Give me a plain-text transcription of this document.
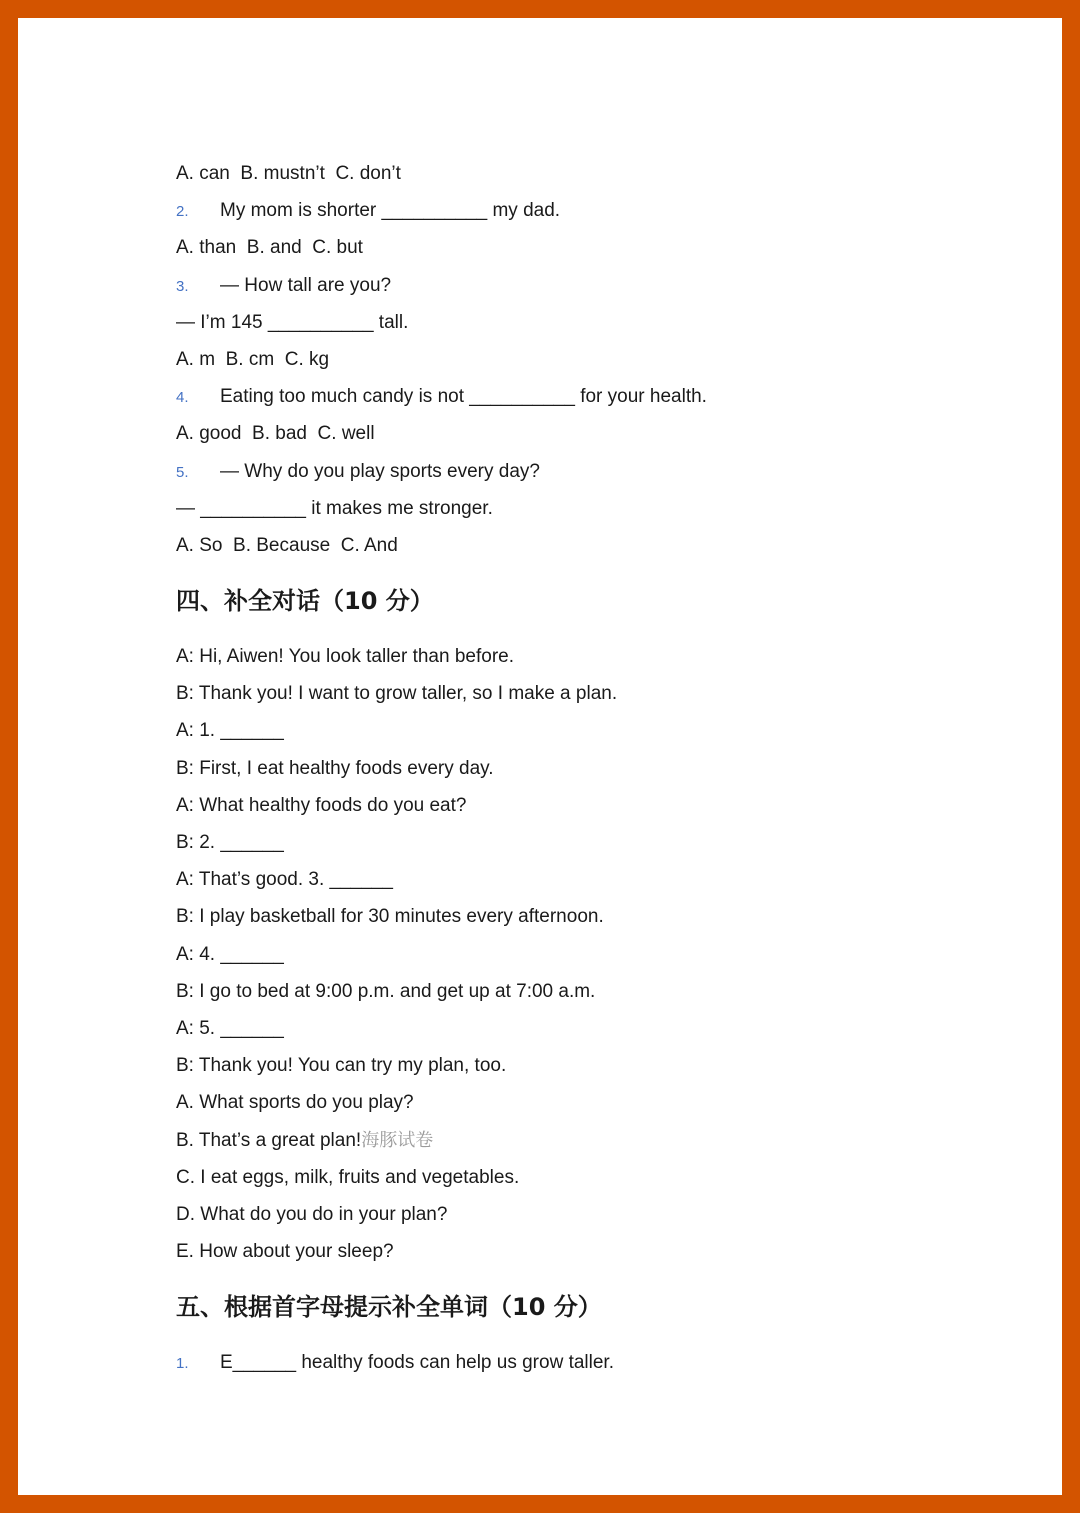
A. can  B. mustn’t  C. don’t
2. My mom is shorter __________ my dad.
A. than  B. and  C. but
3. — How tall are you?
— I’m 145 __________ tall.
A. m  B. cm  C. kg
4. Eating too much candy is not __________ for your health.
A. good  B. bad  C. well
5. — Why do you play sports every day?
— __________ it makes me stronger.
A. So  B. Because  C. And
四、补全对话（10 分）
A: Hi, Aiwen! You look taller than before.
B: Thank you! I want to grow taller, so I make a plan.
A: 1. ______
B: First, I eat healthy foods every day.
A: What healthy foods do you eat?
B: 2. ______
A: That’s good. 3. ______
B: I play basketball for 30 minutes every afternoon.
A: 4. ______
B: I go to bed at 9:00 p.m. and get up at 7:00 a.m.
A: 5. ______
B: Thank you! You can try my plan, too.
A. What sports do you play?
B. That’s a great plan!海豚试卷
C. I eat eggs, milk, fruits and vegetables.
D. What do you do in your plan?
E. How about your sleep?
五、根据首字母提示补全单词（10 分）
1. E______ healthy foods can help us grow taller.
